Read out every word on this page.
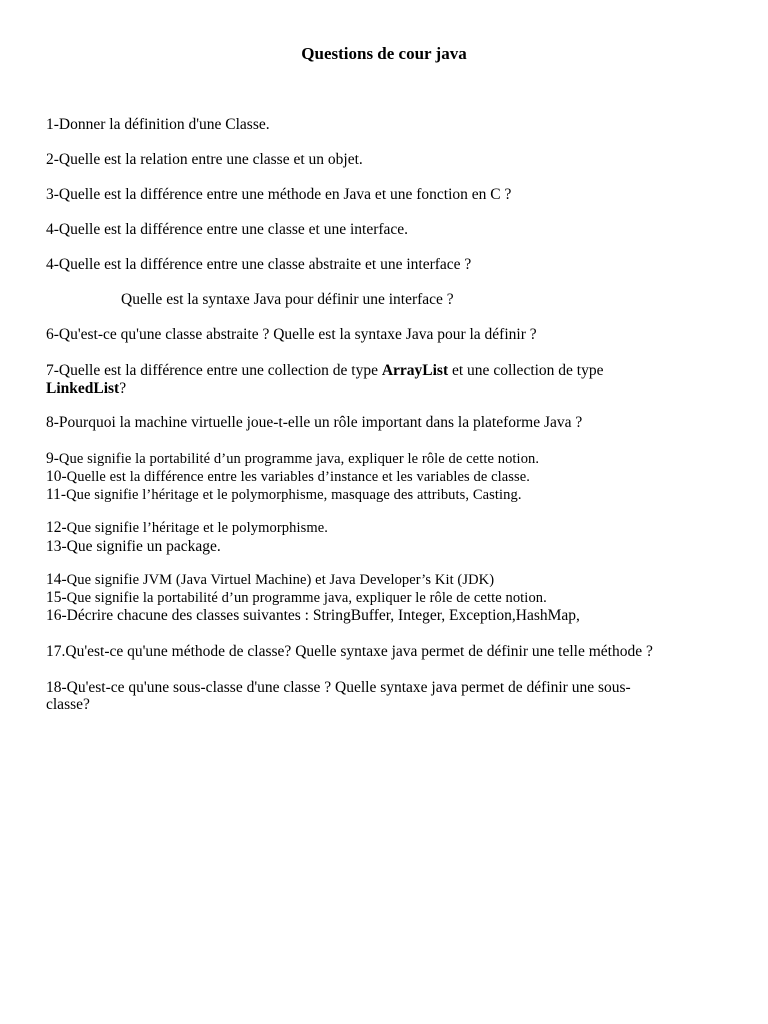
Questions de cour java
1-Donner la définition d'une Classe.
2-Quelle est la relation entre une classe et un objet.
3-Quelle est la différence entre une méthode en Java et une fonction en C ?
4-Quelle est la différence entre une classe et une interface.
4-Quelle est la différence entre une classe abstraite et une interface ?
Quelle est la syntaxe Java pour définir une interface ?
6-Qu'est-ce qu'une classe abstraite ? Quelle est la syntaxe Java pour la définir ?
7-Quelle est la différence entre une collection de type ArrayList et une collection de type
LinkedList?
8-Pourquoi la machine virtuelle joue-t-elle un rôle important dans la plateforme Java ?
9-Que signifie la portabilité d’un programme java, expliquer le rôle de cette notion.
10-Quelle est la différence entre les variables d’instance et les variables de classe.
11-Que signifie l’héritage et le polymorphisme, masquage des attributs, Casting.
12-Que signifie l’héritage et le polymorphisme.
13-Que signifie un package.
14-Que signifie JVM (Java Virtuel Machine) et Java Developer’s Kit (JDK)
15-Que signifie la portabilité d’un programme java, expliquer le rôle de cette notion.
16-Décrire chacune des classes suivantes : StringBuffer, Integer, Exception,HashMap,
17.Qu'est-ce qu'une méthode de classe? Quelle syntaxe java permet de définir une telle méthode ?
18-Qu'est-ce qu'une sous-classe d'une classe ? Quelle syntaxe java permet de définir une sous-
classe?
